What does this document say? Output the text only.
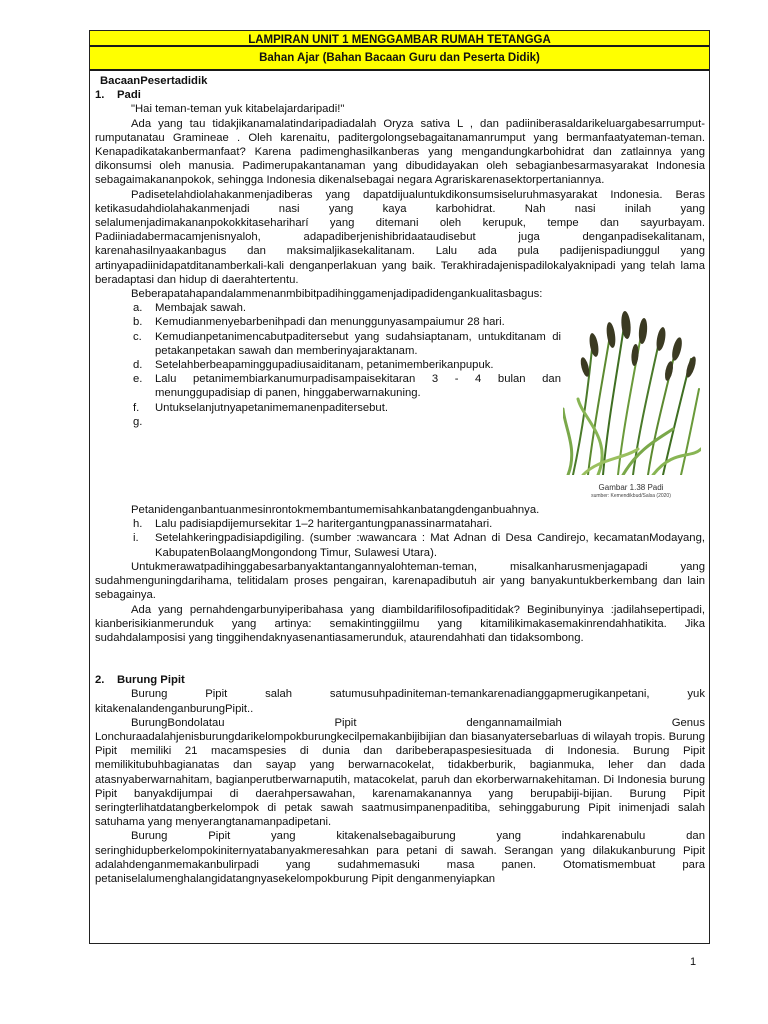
LAMPIRAN UNIT 1 MENGGAMBAR RUMAH TETANGGA
Bahan Ajar (Bahan Bacaan Guru dan Peserta Didik)

BacaanPesertadidik

1.	Padi

"Hai teman-teman yuk kitabelajardaripadi!"

Ada yang tau tidakjikanamalatindaripadiadalah Oryza sativa L , dan padiiniberasaldarikeluargabesarrumput-rumputanatau Gramineae . Oleh karenaitu, paditergolongsebagaitanamanrumput yang bermanfaatyateman-teman. Kenapadikatakanbermanfaat? Karena padimenghasilkanberas yang mengandungkarbohidrat dan zatlainnya yang dikonsumsi oleh manusia. Padimerupakantanaman yang dibudidayakan oleh sebagianbesarmasyarakat Indonesia sebagaimakananpokok, sehingga Indonesia dikenalsebagai negara Agrariskarenasektorpertaniannya.

Padisetelahdiolahakanmenjadiberas yang dapatdijualuntukdikonsumsiseluruhmasyarakat Indonesia. Beras ketikasudahdiolahakanmenjadi nasi yang kaya karbohidrat. Nah nasi inilah yang selalumenjadimakananpokokkitasehariharí yang ditemani oleh kerupuk, tempe dan sayurbayam. Padiiniadabermacamjenisnyaloh, adapadiberjenishibridaataudisebut juga denganpadisekalitanam, karenahasilnyaakanbagus dan maksimaljikasekalitanam. Lalu ada pula padijenispadiunggul yang artinyapadiinidapatditanamberkali-kali denganperlakuan yang baik. Terakhiradajenispadilokalyakniрadi yang telah lama beradaptasi dan hidup di daerahtertentu.

Beberapatahapandalammenanmbibitpadihinggamenjadipadidengankualitasbagus:

a.	Membajak sawah.
b.	Kemudianmenyebarbenihpadi dan menunggunyasampaiumur 28 hari.
c.	Kemudianpetanimencabutpaditersebut yang sudahsiaptanam, untukditanam di petakanpetakan sawah dan memberinyajaraktanam.
d.	Setelahberbeapaminggupadiusaiditanam, petanimemberikanpupuk.
e.	Lalu petanimembiarkanumurpadisampaisekitaran 3 - 4 bulan dan menunggupadisiap di panen, hinggaberwarnakuning.
f.	Untukselanjutnyapetanimemanenpaditersebut.
g.
Gambar 1.38 Padi
sumber: Kemendikbud/Salsa (2020)

Petanidenganbantuanmesinrontokmembantumemisahkanbatangdenganbuahnya.

h.	Lalu padisiapdijemursekitar 1–2 haritergantungpanassinarmatahari.
i.	Setelahkeringpadisiapdigiling. (sumber :wawancara : Mat Adnan di Desa Candirejo, kecamatanModayang, KabupatenBolaangMongondong Timur, Sulawesi Utara).

Untukmerawatpadihinggabesarbanyaktantangannyalohteman-teman, misalkanharusmenjagapadi yang sudahmenguningdarihama, telitidalam proses pengairan, karenapadibutuh air yang banyakuntukberkembang dan lain sebagainya.

Ada yang pernahdengarbunyiperibahasa yang diambildarifilosofipaditidak? Beginibunyinya :jadilahsepertipadi, kianberisikianmerunduk yang artinya: semakintinggiilmu yang kitamilikimakasemakinrendahhatikita. Jika sudahdalamposisi yang tinggihendaknyasenantiasamerunduk, ataurendahhati dan tidaksombong.

2.	Burung Pipit

Burung Pipit salah satumusuhpadiniteman-temankarenadianggapmerugikanpetani, yuk kitakenalandenganburungPipit..

BurungBondolatau Pipit dengannamailmiah Genus Lonchuraadalahjenisburungdarikelompokburungkecilpemakanbijibijian dan biasanyatersebarluas di wilayah tropis. Burung Pipit memiliki 21 macamspesies di dunia dan daribeberapaspesiesituada di Indonesia. Burung Pipit memilikitubuhbagianatas dan sayap yang berwarnacokelat, tidakberburik, bagianmuka, leher dan dada atasnyaberwarnahitam, bagianperutberwarnaputih, matacokelat, paruh dan ekorberwarnakehitaman. Di Indonesia burung Pipit banyakdijumpai di daerahpersawahan, karenamakanannya yang berupabiji-bijian. Burung Pipit seringterlihatdatangberkelompok di petak sawah saatmusimpanenpaditiba, sehinggaburung Pipit inimenjadi salah satuhama yang menyerangtanamanpadipetani.

Burung Pipit yang kitakenalsebagaiburung yang indahkarenabulu dan seringhidupberkelompokiniternyatabanyakmeresahkan para petani di sawah. Serangan yang dilakukanburung Pipit adalahdenganmemakanbulirpadi yang sudahmemasuki masa panen. Otomatismembuat para petaniselalumenghalangidatangnyasekelompokburung Pipit denganmenyiapkan

1
